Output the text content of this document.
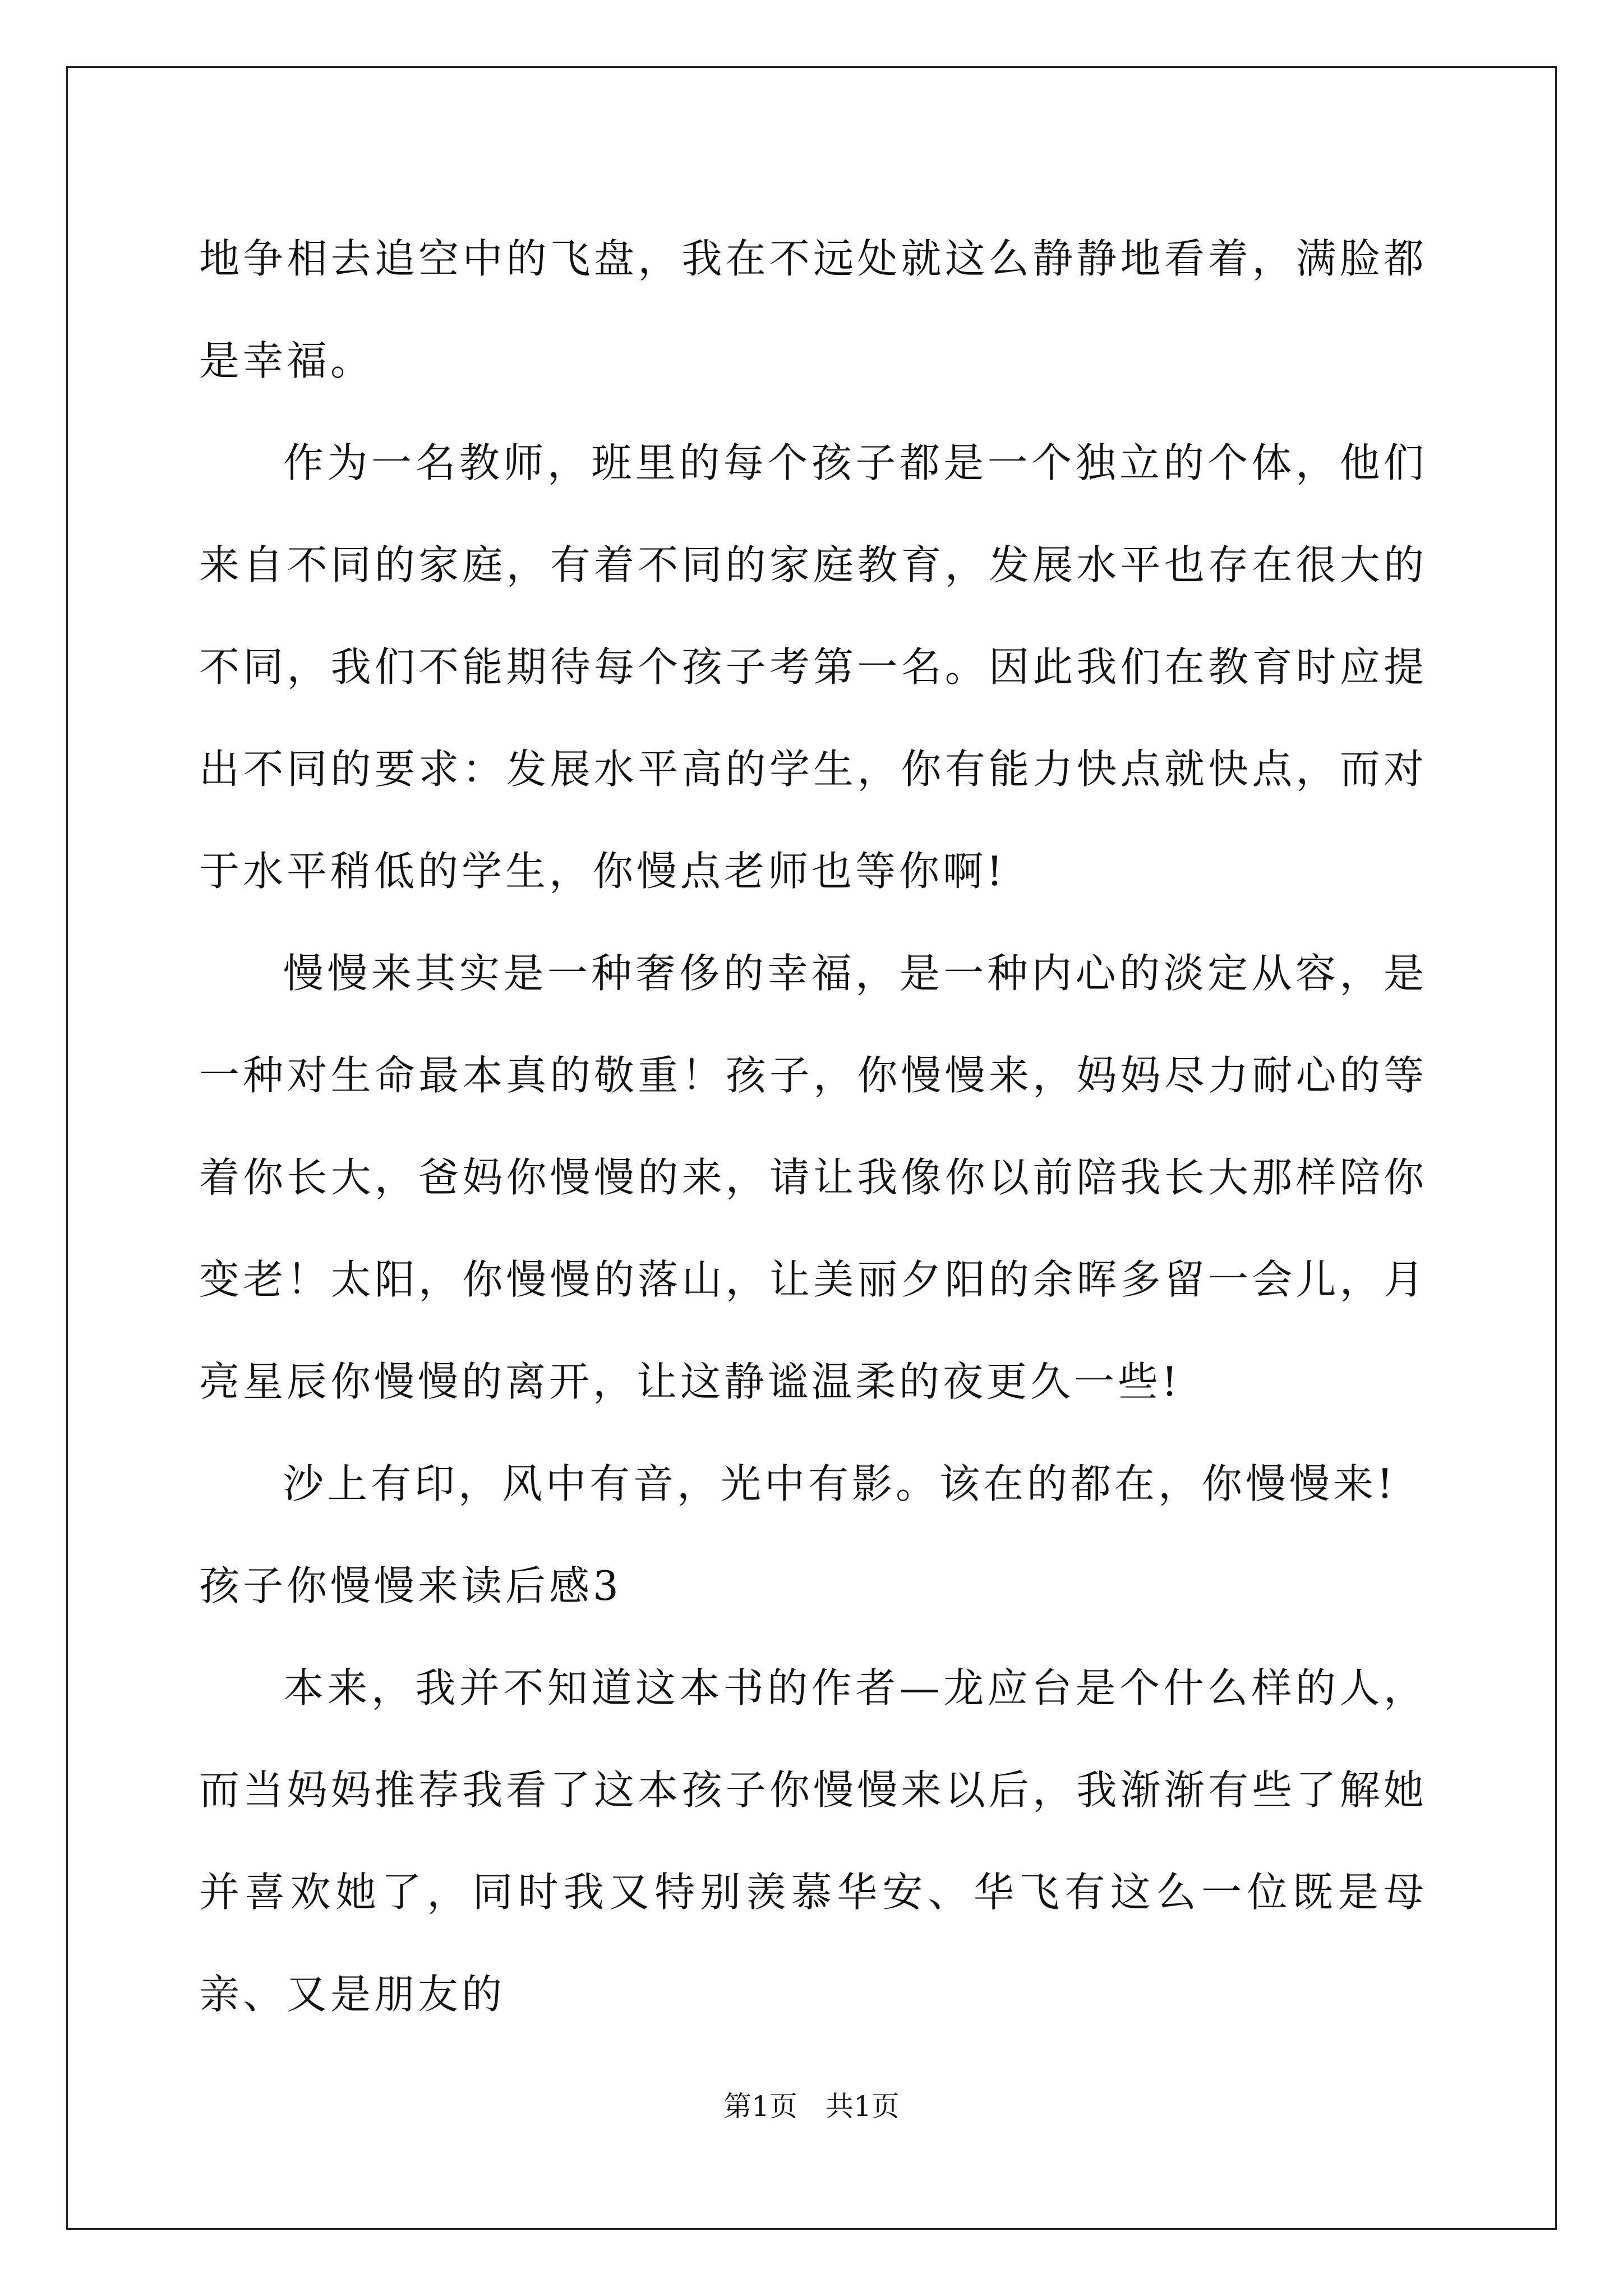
地争相去追空中的飞盘，我在不远处就这么静静地看着，满脸都是幸福。

作为一名教师，班里的每个孩子都是一个独立的个体，他们来自不同的家庭，有着不同的家庭教育，发展水平也存在很大的不同，我们不能期待每个孩子考第一名。因此我们在教育时应提出不同的要求：发展水平高的学生，你有能力快点就快点，而对于水平稍低的学生，你慢点老师也等你啊!

慢慢来其实是一种奢侈的幸福，是一种内心的淡定从容，是一种对生命最本真的敬重！孩子，你慢慢来，妈妈尽力耐心的等着你长大，爸妈你慢慢的来，请让我像你以前陪我长大那样陪你变老！太阳，你慢慢的落山，让美丽夕阳的余晖多留一会儿，月亮星辰你慢慢的离开，让这静谧温柔的夜更久一些!

沙上有印，风中有音，光中有影。该在的都在，你慢慢来!

孩子你慢慢来读后感3

本来，我并不知道这本书的作者—龙应台是个什么样的人，而当妈妈推荐我看了这本孩子你慢慢来以后，我渐渐有些了解她并喜欢她了，同时我又特别羡慕华安、华飞有这么一位既是母亲、又是朋友的

第1页　共1页
